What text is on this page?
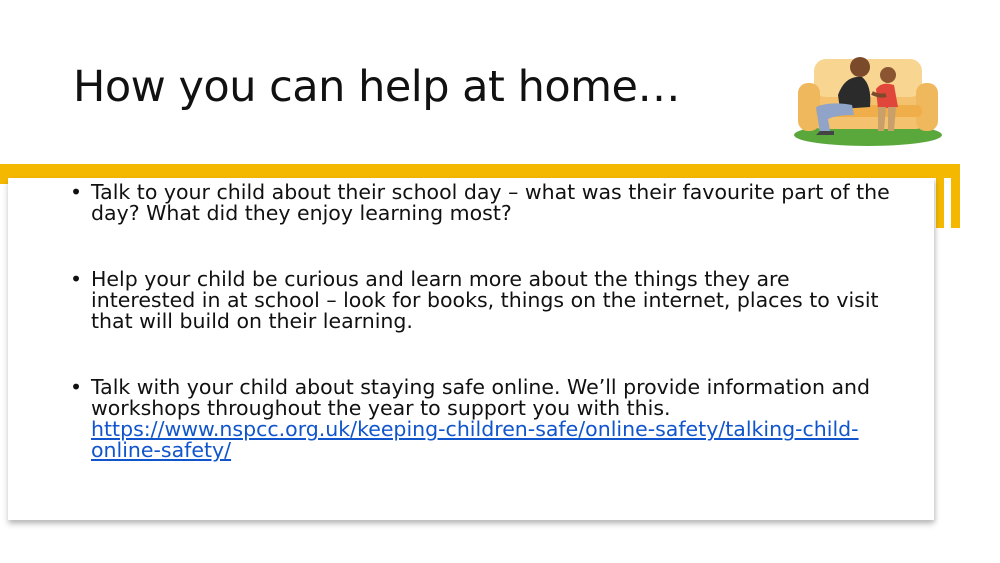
How you can help at home…
• Talk to your child about their school day – what was their favourite part of the day? What did they enjoy learning most?
• Help your child be curious and learn more about the things they are interested in at school – look for books, things on the internet, places to visit that will build on their learning.
• Talk with your child about staying safe online. We’ll provide information and workshops throughout the year to support you with this. https://www.nspcc.org.uk/keeping-children-safe/online-safety/talking-child-online-safety/
